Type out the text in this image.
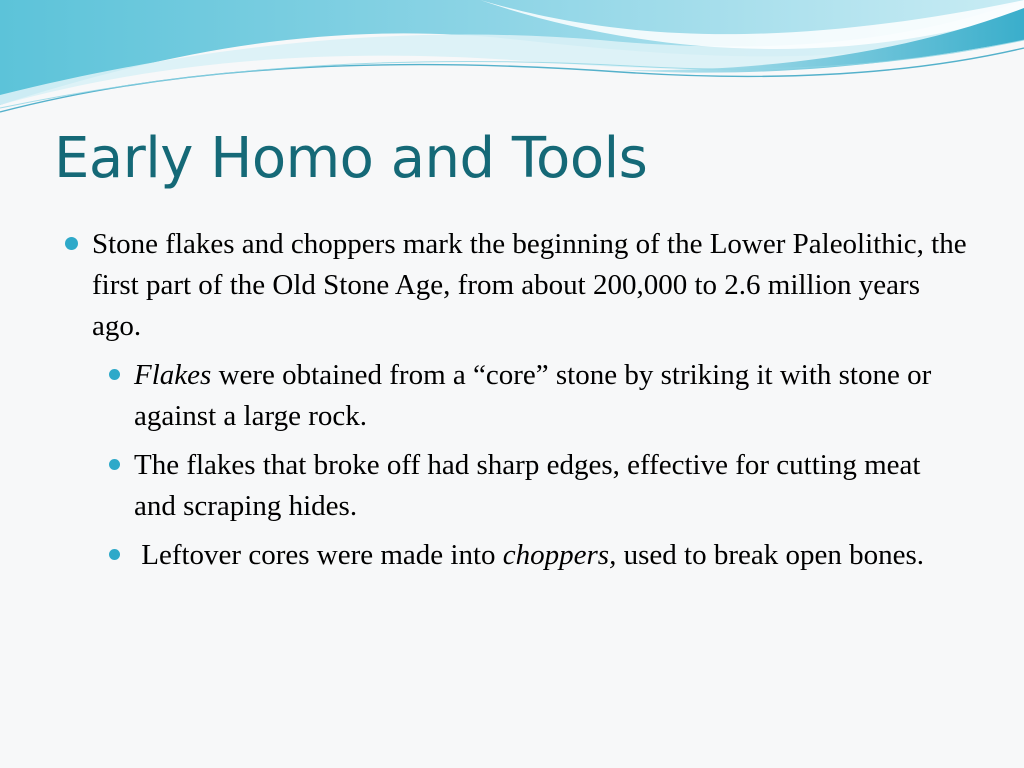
Early Homo and Tools
Stone flakes and choppers mark the beginning of the Lower Paleolithic, the first part of the Old Stone Age, from about 200,000 to 2.6 million years ago.
Flakes were obtained from a “core” stone by striking it with stone or against a large rock.
The flakes that broke off had sharp edges, effective for cutting meat and scraping hides.
Leftover cores were made into choppers, used to break open bones.
